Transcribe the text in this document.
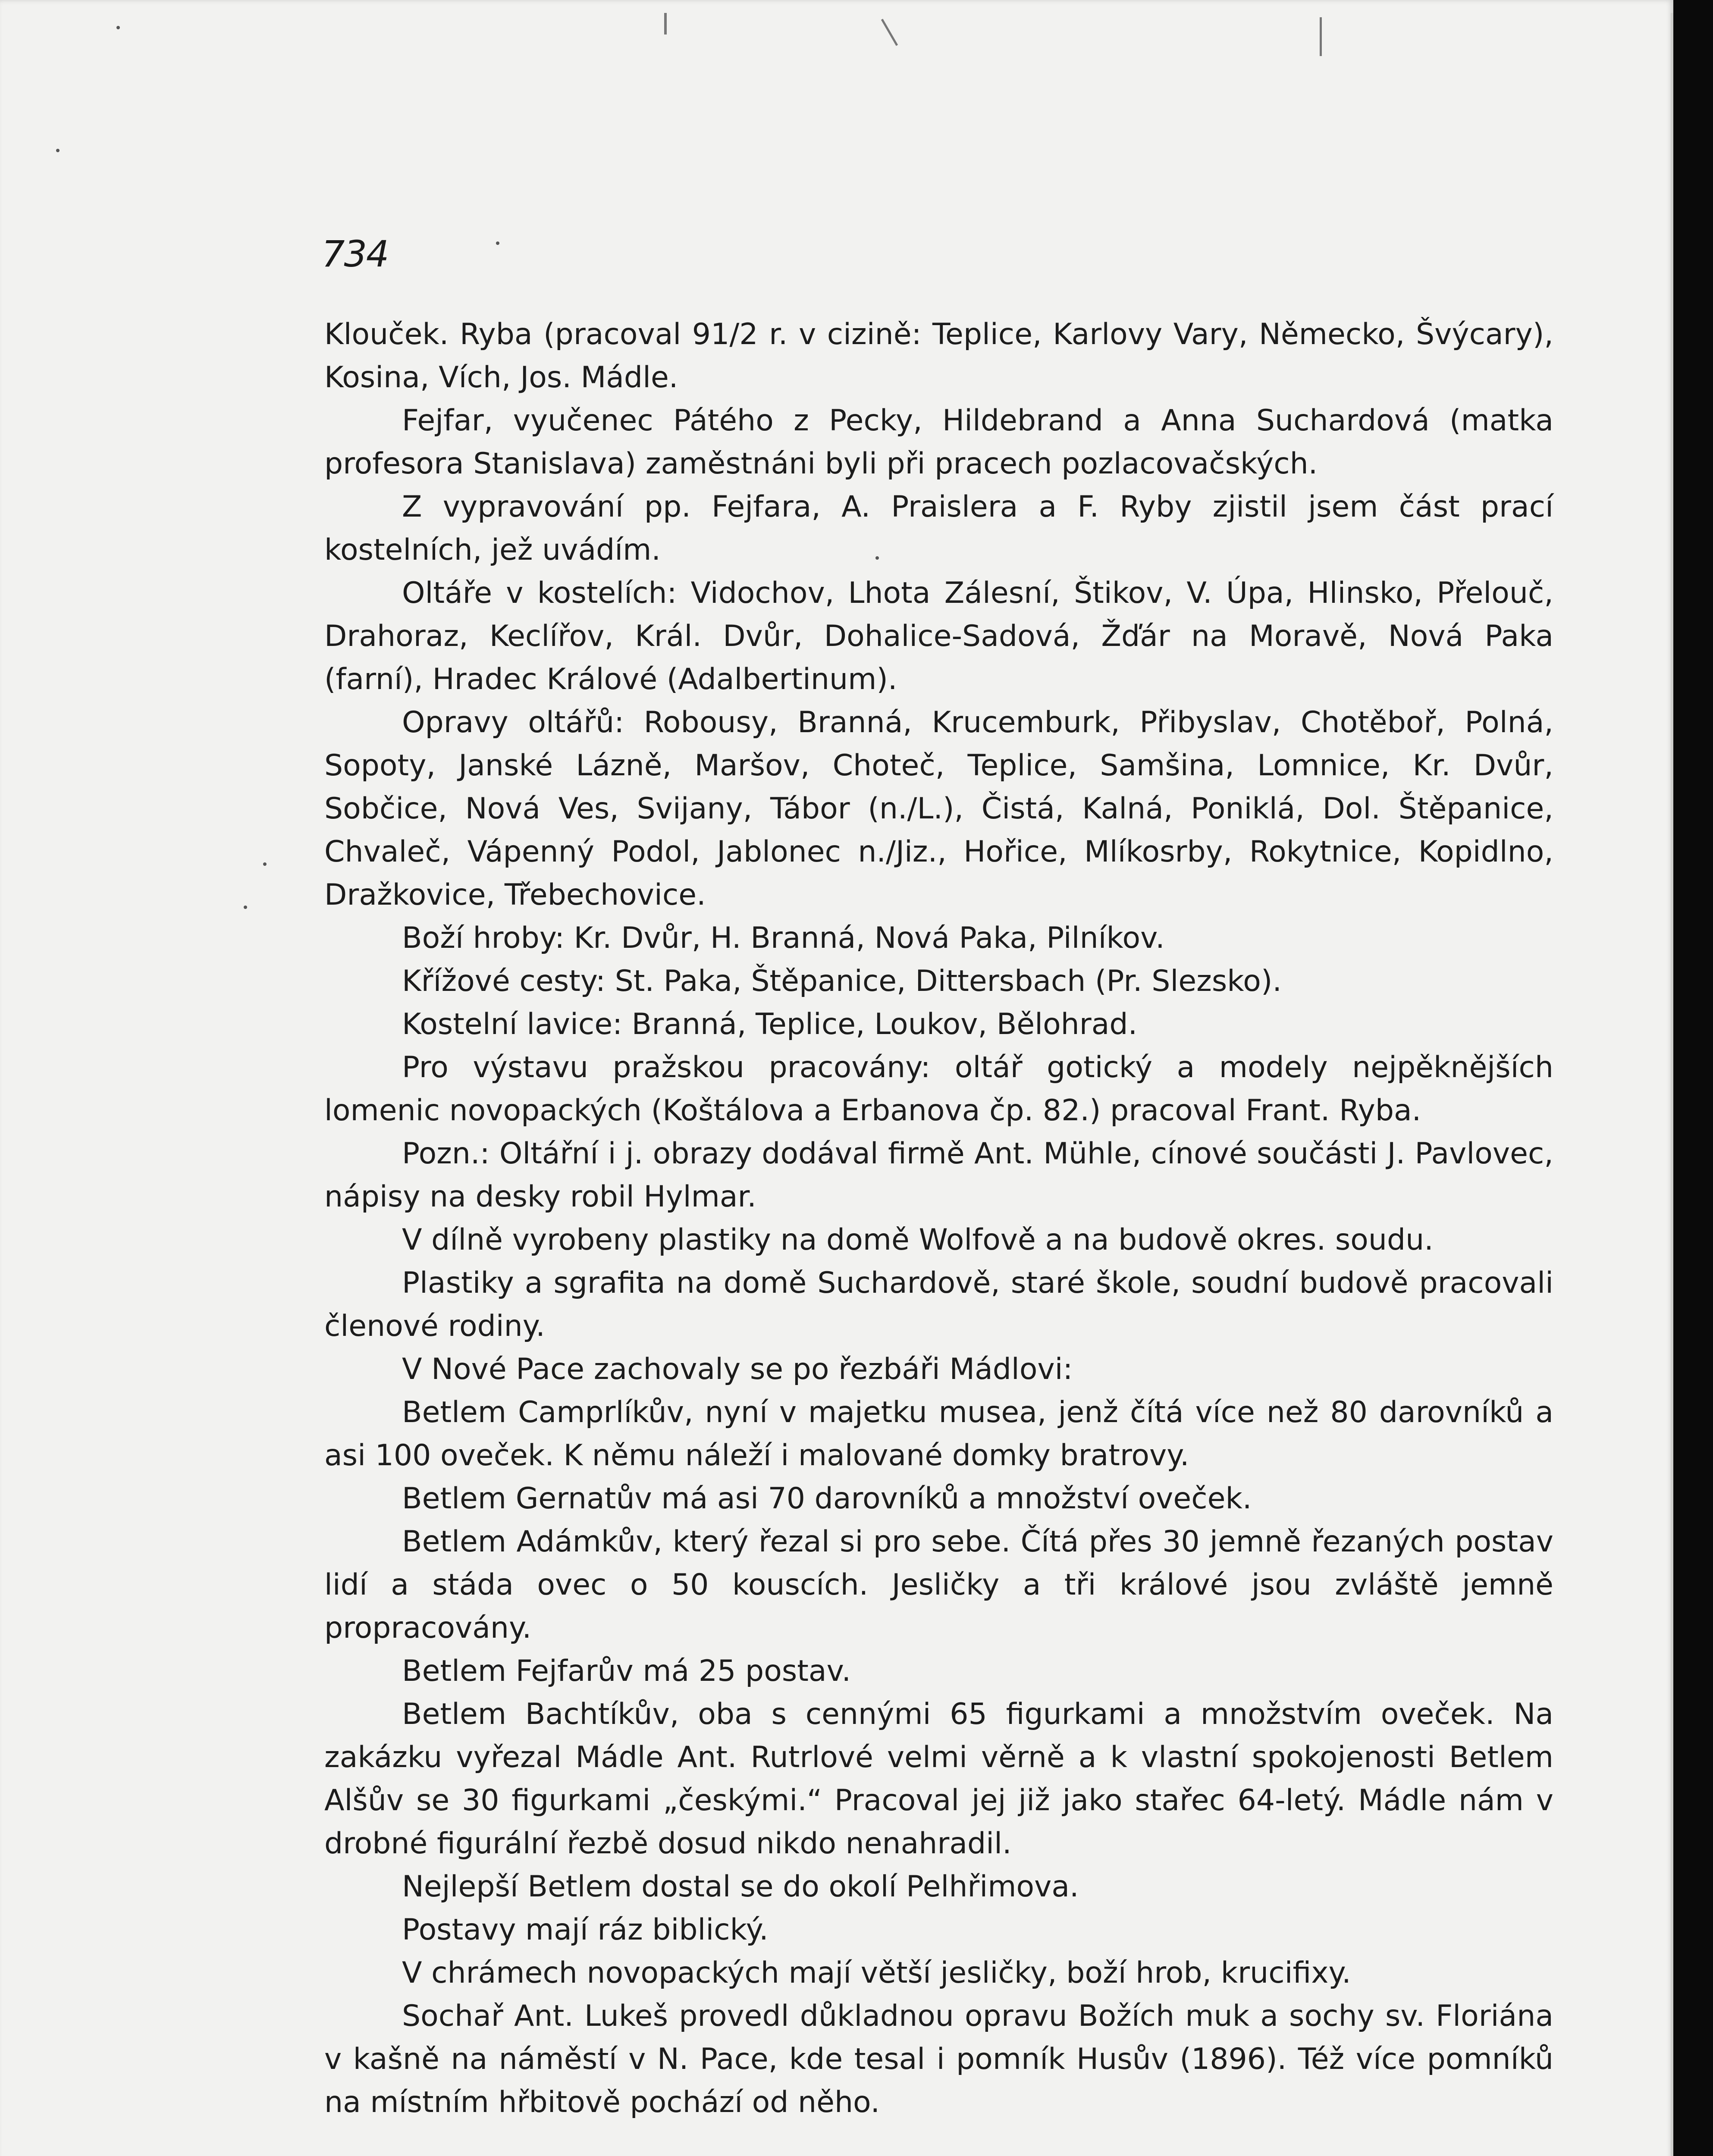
734

Klouček. Ryba (pracoval 91/2 r. v cizině: Teplice, Karlovy Vary, Německo, Švýcary), Kosina, Vích, Jos. Mádle.

Fejfar, vyučenec Pátého z Pecky, Hildebrand a Anna Suchardová (matka profesora Stanislava) zaměstnáni byli při pracech pozlacovačských.

Z vypravování pp. Fejfara, A. Praislera a F. Ryby zjistil jsem část prací kostelních, jež uvádím.

Oltáře v kostelích: Vidochov, Lhota Zálesní, Štikov, V. Úpa, Hlinsko, Přelouč, Drahoraz, Keclířov, Král. Dvůr, Dohalice-Sadová, Žďár na Moravě, Nová Paka (farní), Hradec Králové (Adalbertinum).

Opravy oltářů: Robousy, Branná, Krucemburk, Přibyslav, Chotěboř, Polná, Sopoty, Janské Lázně, Maršov, Choteč, Teplice, Samšina, Lomnice, Kr. Dvůr, Sobčice, Nová Ves, Svijany, Tábor (n./L.), Čistá, Kalná, Poniklá, Dol. Štěpanice, Chvaleč, Vápenný Podol, Jablonec n./Jiz., Hořice, Mlíkosrby, Rokytnice, Kopidlno, Dražkovice, Třebechovice.

Boží hroby: Kr. Dvůr, H. Branná, Nová Paka, Pilníkov.

Křížové cesty: St. Paka, Štěpanice, Dittersbach (Pr. Slezsko).

Kostelní lavice: Branná, Teplice, Loukov, Bělohrad.

Pro výstavu pražskou pracovány: oltář gotický a modely nejpěknějších lomenic novopackých (Koštálova a Erbanova čp. 82.) pracoval Frant. Ryba.

Pozn.: Oltářní i j. obrazy dodával firmě Ant. Mühle, cínové součásti J. Pavlovec, nápisy na desky robil Hylmar.

V dílně vyrobeny plastiky na domě Wolfově a na budově okres. soudu.

Plastiky a sgrafita na domě Suchardově, staré škole, soudní budově pracovali členové rodiny.

V Nové Pace zachovaly se po řezbáři Mádlovi:

Betlem Camprlíkův, nyní v majetku musea, jenž čítá více než 80 darovníků a asi 100 oveček. K němu náleží i malované domky bratrovy.

Betlem Gernatův má asi 70 darovníků a množství oveček.

Betlem Adámkův, který řezal si pro sebe. Čítá přes 30 jemně řezaných postav lidí a stáda ovec o 50 kouscích. Jesličky a tři králové jsou zvláště jemně propracovány.

Betlem Fejfarův má 25 postav.

Betlem Bachtíkův, oba s cennými 65 figurkami a množstvím oveček. Na zakázku vyřezal Mádle Ant. Rutrlové velmi věrně a k vlastní spokojenosti Betlem Alšův se 30 figurkami „českými.“ Pracoval jej již jako stařec 64-letý. Mádle nám v drobné figurální řezbě dosud nikdo nenahradil.

Nejlepší Betlem dostal se do okolí Pelhřimova.

Postavy mají ráz biblický.

V chrámech novopackých mají větší jesličky, boží hrob, krucifixy.

Sochař Ant. Lukeš provedl důkladnou opravu Božích muk a sochy sv. Floriána v kašně na náměstí v N. Pace, kde tesal i pomník Husův (1896). Též více pomníků na místním hřbitově pochází od něho.
